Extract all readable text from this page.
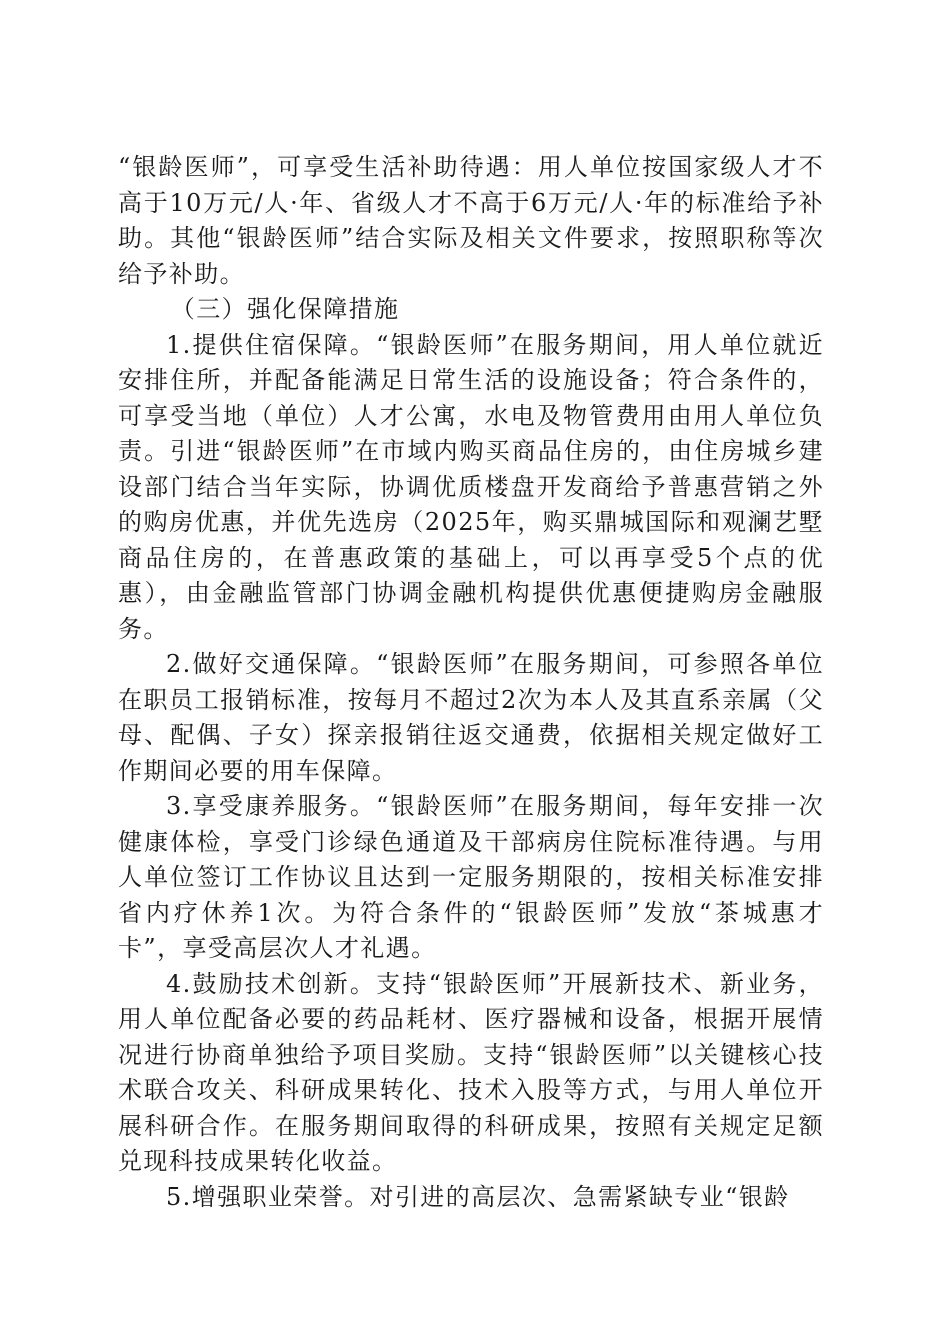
“银龄医师”，可享受生活补助待遇：用人单位按国家级人才不高于10万元/人·年、省级人才不高于6万元/人·年的标准给予补助。其他“银龄医师”结合实际及相关文件要求，按照职称等次给予补助。

（三）强化保障措施

1.提供住宿保障。“银龄医师”在服务期间，用人单位就近安排住所，并配备能满足日常生活的设施设备；符合条件的，可享受当地（单位）人才公寓，水电及物管费用由用人单位负责。引进“银龄医师”在市域内购买商品住房的，由住房城乡建设部门结合当年实际，协调优质楼盘开发商给予普惠营销之外的购房优惠，并优先选房（2025年，购买鼎城国际和观澜艺墅商品住房的，在普惠政策的基础上，可以再享受5个点的优惠），由金融监管部门协调金融机构提供优惠便捷购房金融服务。

2.做好交通保障。“银龄医师”在服务期间，可参照各单位在职员工报销标准，按每月不超过2次为本人及其直系亲属（父母、配偶、子女）探亲报销往返交通费，依据相关规定做好工作期间必要的用车保障。

3.享受康养服务。“银龄医师”在服务期间，每年安排一次健康体检，享受门诊绿色通道及干部病房住院标准待遇。与用人单位签订工作协议且达到一定服务期限的，按相关标准安排省内疗休养1次。为符合条件的“银龄医师”发放“茶城惠才卡”，享受高层次人才礼遇。

4.鼓励技术创新。支持“银龄医师”开展新技术、新业务，用人单位配备必要的药品耗材、医疗器械和设备，根据开展情况进行协商单独给予项目奖励。支持“银龄医师”以关键核心技术联合攻关、科研成果转化、技术入股等方式，与用人单位开展科研合作。在服务期间取得的科研成果，按照有关规定足额兑现科技成果转化收益。

5.增强职业荣誉。对引进的高层次、急需紧缺专业“银龄
